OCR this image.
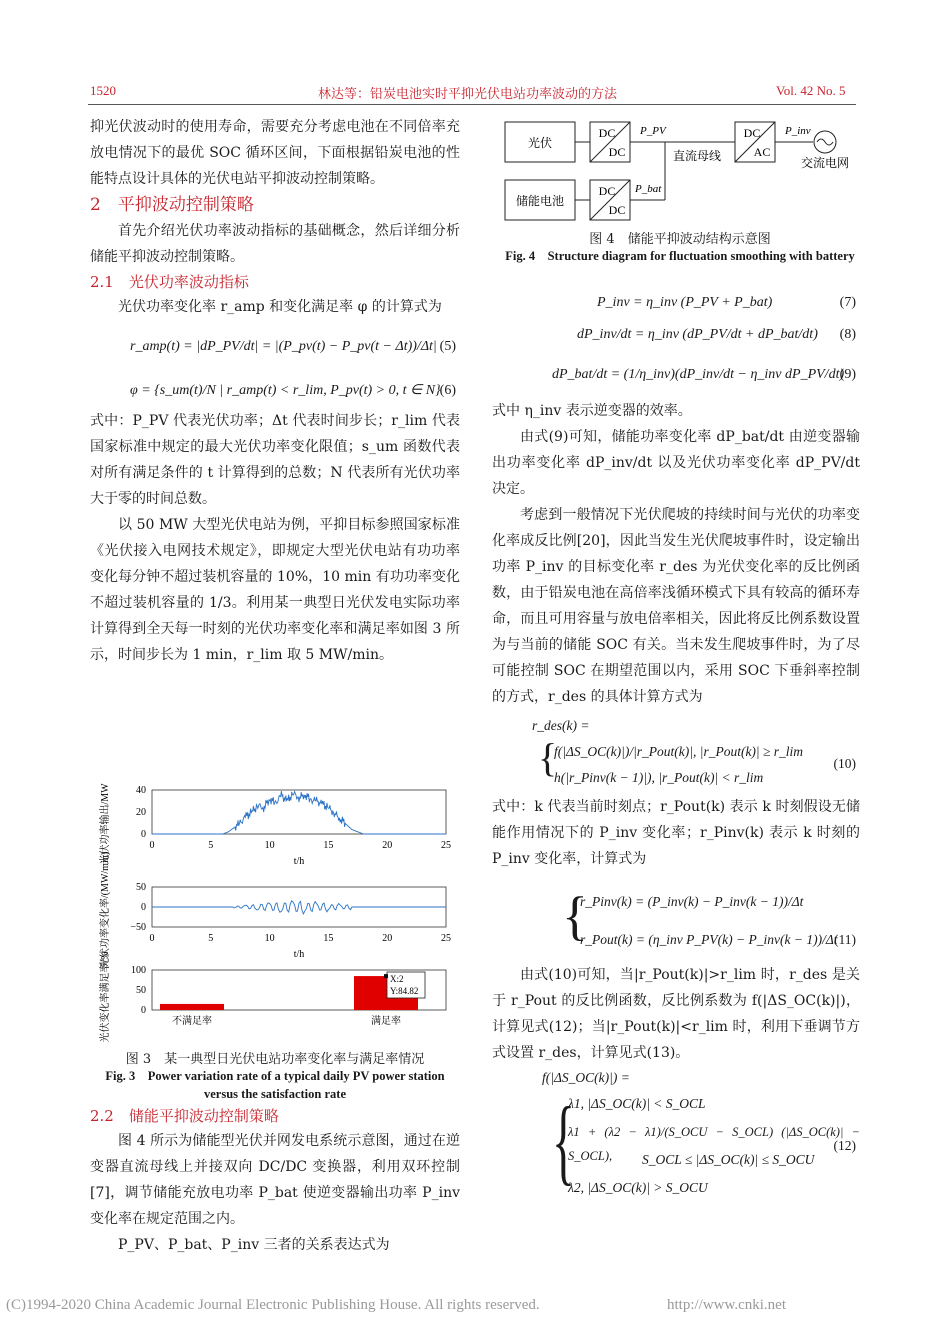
1520	林达等：铅炭电池实时平抑光伏电站功率波动的方法	Vol. 42 No. 5

抑光伏波动时的使用寿命，需要充分考虑电池在不同倍率充放电情况下的最优 SOC 循环区间，下面根据铅炭电池的性能特点设计具体的光伏电站平抑波动控制策略。

2　平抑波动控制策略

首先介绍光伏功率波动指标的基础概念，然后详细分析储能平抑波动控制策略。

2.1　光伏功率波动指标

光伏功率变化率 r_amp 和变化满足率 φ 的计算式为

r_amp(t) = |dP_PV/dt| = |(P_pv(t) − P_pv(t − Δt))/Δt| (5)
φ = {s_um(t)/N | r_amp(t) < r_lim, P_pv(t) > 0, t ∈ N} (6)

式中：P_PV 代表光伏功率；Δt 代表时间步长；r_lim 代表国家标准中规定的最大光伏功率变化限值；s_um 函数代表对所有满足条件的 t 计算得到的总数；N 代表所有光伏功率大于零的时间总数。

以 50 MW 大型光伏电站为例，平抑目标参照国家标准《光伏接入电网技术规定》，即规定大型光伏电站有功功率变化每分钟不超过装机容量的 10%，10 min 有功功率变化不超过装机容量的 1/3。利用某一典型日光伏发电实际功率计算得到全天每一时刻的光伏功率变化率和满足率如图 3 所示，时间步长为 1 min，r_lim 取 5 MW/min。

光伏功率输出/MW
光伏功率变化率/(MW/min)
光伏变化率满足率/%
40
20
0
0	5	10	15	20	25
t/h
50
0
−50
0	5	10	15	20	25
t/h
100
50
0
不满足率	满足率
X:2
Y:84.82
图 3　某一典型日光伏电站功率变化率与满足率情况
Fig. 3　Power variation rate of a typical daily PV power station versus the satisfaction rate

2.2　储能平抑波动控制策略

图 4 所示为储能型光伏并网发电系统示意图，通过在逆变器直流母线上并接双向 DC/DC 变换器，利用双环控制[7]，调节储能充放电功率 P_bat 使逆变器输出功率 P_inv 变化率在规定范围之内。

P_PV、P_bat、P_inv 三者的关系表达式为

光伏
DC
DC
P_PV
直流母线
DC
AC
P_inv
交流电网
储能电池
DC
DC
P_bat
图 4　储能平抑波动结构示意图
Fig. 4　Structure diagram for fluctuation smoothing with battery
P_inv = η_inv (P_PV + P_bat)	(7)
dP_inv/dt = η_inv (dP_PV/dt + dP_bat/dt) (8)
dP_bat/dt = (1/η_inv)(dP_inv/dt − η_inv dP_PV/dt)
(9)

式中 η_inv 表示逆变器的效率。

由式(9)可知，储能功率变化率 dP_bat/dt 由逆变器输出功率变化率 dP_inv/dt 以及光伏功率变化率 dP_PV/dt 决定。

考虑到一般情况下光伏爬坡的持续时间与光伏的功率变化率成反比例[20]，因此当发生光伏爬坡事件时，设定输出功率 P_inv 的目标变化率 r_des 为光伏变化率的反比例函数，由于铅炭电池在高倍率浅循环模式下具有较高的循环寿命，而且可用容量与放电倍率相关，因此将反比例系数设置为与当前的储能 SOC 有关。当未发生爬坡事件时，为了尽可能控制 SOC 在期望范围以内，采用 SOC 下垂斜率控制的方式，r_des 的具体计算方式为

r_des(k) =
{
f(|ΔS_OC(k)|)/|r_Pout(k)|, |r_Pout(k)| ≥ r_lim
h(|r_Pinv(k − 1)|), |r_Pout(k)| < r_lim
(10)

式中：k 代表当前时刻点；r_Pout(k) 表示 k 时刻假设无储能作用情况下的 P_inv 变化率；r_Pinv(k) 表示 k 时刻的 P_inv 变化率，计算式为

{
r_Pinv(k) = (P_inv(k) − P_inv(k − 1))/Δt
r_Pout(k) = (η_inv P_PV(k) − P_inv(k − 1))/Δt
(11)

由式(10)可知，当|r_Pout(k)|>r_lim 时，r_des 是关于 r_Pout 的反比例函数，反比例系数为 f(|ΔS_OC(k)|)，计算见式(12)；当|r_Pout(k)|<r_lim 时，利用下垂调节方式设置 r_des，计算见式(13)。

f(|ΔS_OC(k)|) =
{
λ1, |ΔS_OC(k)| < S_OCL
λ1 + (λ2 − λ1)/(S_OCU − S_OCL) (|ΔS_OC(k)| − S_OCL),	S_OCL ≤ |ΔS_OC(k)| ≤ S_OCU
λ2, |ΔS_OC(k)| > S_OCU
(12)
(C)1994-2020 China Academic Journal Electronic Publishing House. All rights reserved.	http://www.cnki.net
